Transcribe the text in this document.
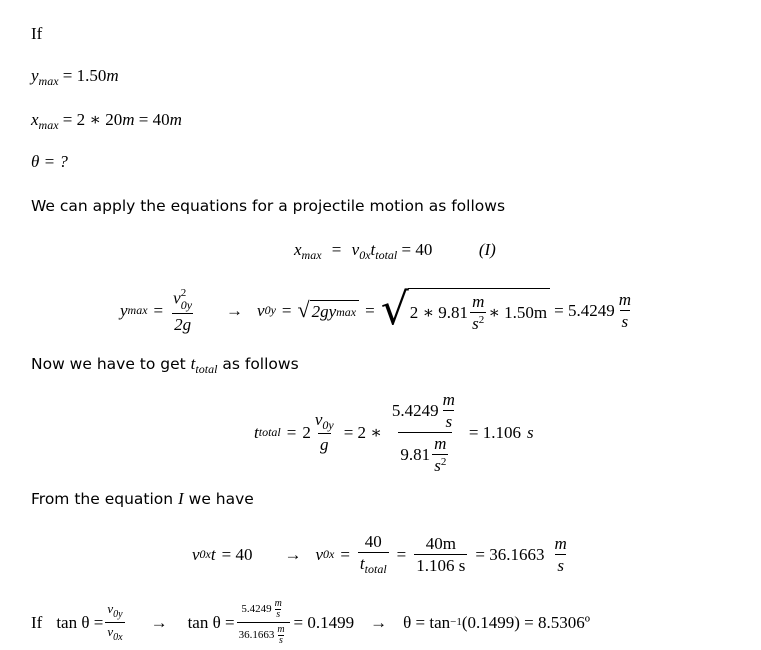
If
$y_{max} = 1.50m$
$x_{max} = 2$ ∗ 20m = 40m
θ = ?
We can apply the equations for a projectile motion as follows
$x_{max} = v_{0x}t_{total} = 40$	(I)
y max = v 2
0y
2g → v 0y = √ 2gy max = √ 2 ∗ $9.81 \frac{m}{s^2}$ ∗ $1.50m = 5.4249 \frac{m}{s}$
Now we have to get $t_{total}$ as follows
t total = $2 \frac{v_{0y}}{g} = 2$ ∗ $\frac{5.4249 \frac{m}{s}}{9.81 \frac{m}{s^2}} = 1.106$ s
From the equation I we have
v 0x t = 40 → v $0x = \frac{40}{t_{total}} = \frac{40m}{1.106 s} = 36.1663 \frac{m}{s}$
If $\tan \theta = \frac{v_{0y}}{v_{0x}} \to \tan \theta = \frac{5.4249 \frac{m}{s}}{36.1663 \frac{m}{s}} = 0.1499 \to \theta = \tan -1$ (0.1499) = 8.5306º
